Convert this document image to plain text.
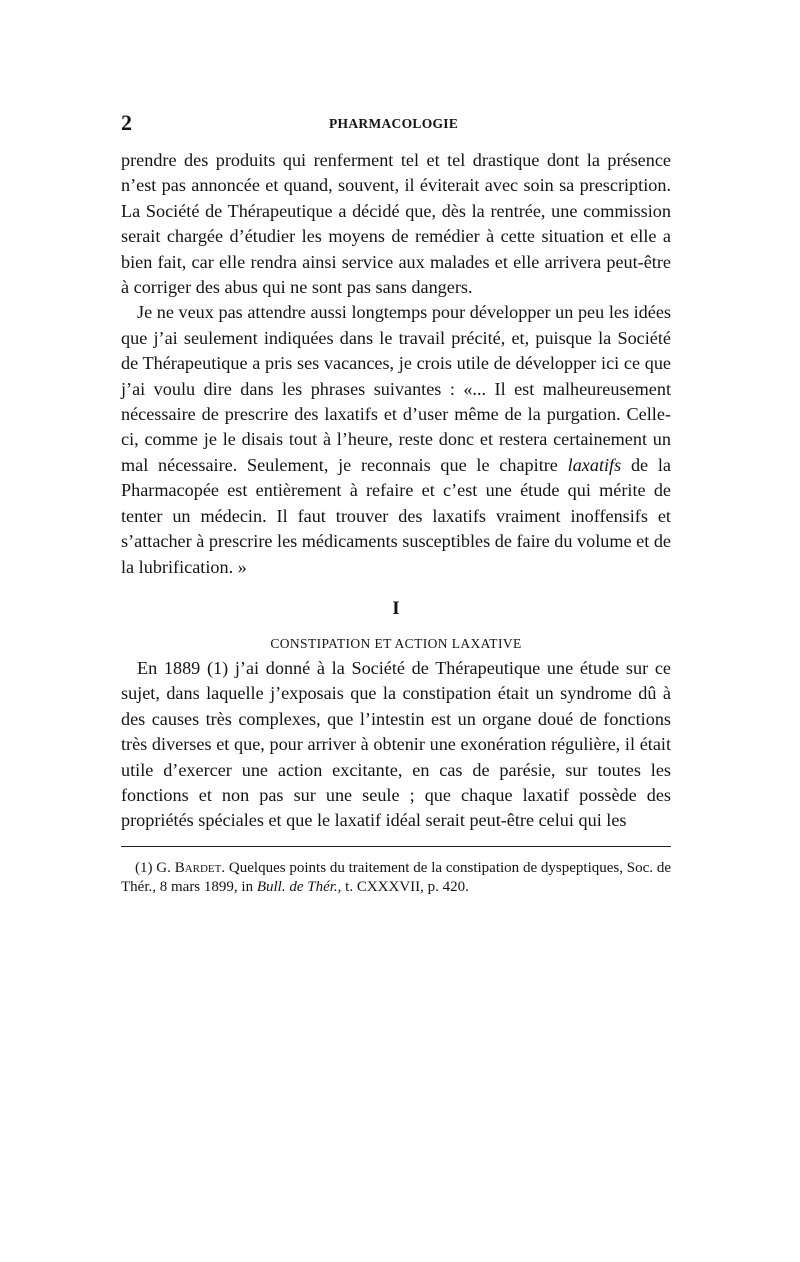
2	PHARMACOLOGIE

prendre des produits qui renferment tel et tel drastique dont la présence n’est pas annoncée et quand, souvent, il éviterait avec soin sa prescription. La Société de Thérapeutique a décidé que, dès la rentrée, une commission serait chargée d’étudier les moyens de remédier à cette situation et elle a bien fait, car elle rendra ainsi service aux malades et elle arrivera peut-être à corriger des abus qui ne sont pas sans dangers.

Je ne veux pas attendre aussi longtemps pour développer un peu les idées que j’ai seulement indiquées dans le travail précité, et, puisque la Société de Thérapeutique a pris ses vacances, je crois utile de développer ici ce que j’ai voulu dire dans les phrases suivantes : «... Il est malheureusement nécessaire de prescrire des laxatifs et d’user même de la purgation. Celle-ci, comme je le disais tout à l’heure, reste donc et restera certainement un mal nécessaire. Seulement, je reconnais que le chapitre laxatifs de la Pharmacopée est entièrement à refaire et c’est une étude qui mérite de tenter un médecin. Il faut trouver des laxatifs vraiment inoffensifs et s’attacher à prescrire les médicaments susceptibles de faire du volume et de la lubrification. »

I
CONSTIPATION ET ACTION LAXATIVE

En 1889 (1) j’ai donné à la Société de Thérapeutique une étude sur ce sujet, dans laquelle j’exposais que la constipation était un syndrome dû à des causes très complexes, que l’intestin est un organe doué de fonctions très diverses et que, pour arriver à obtenir une exonération régulière, il était utile d’exercer une action excitante, en cas de parésie, sur toutes les fonctions et non pas sur une seule ; que chaque laxatif possède des propriétés spéciales et que le laxatif idéal serait peut-être celui qui les

(1) G. Bardet. Quelques points du traitement de la constipation de dyspeptiques, Soc. de Thér., 8 mars 1899, in Bull. de Thér., t. CXXXVII, p. 420.
